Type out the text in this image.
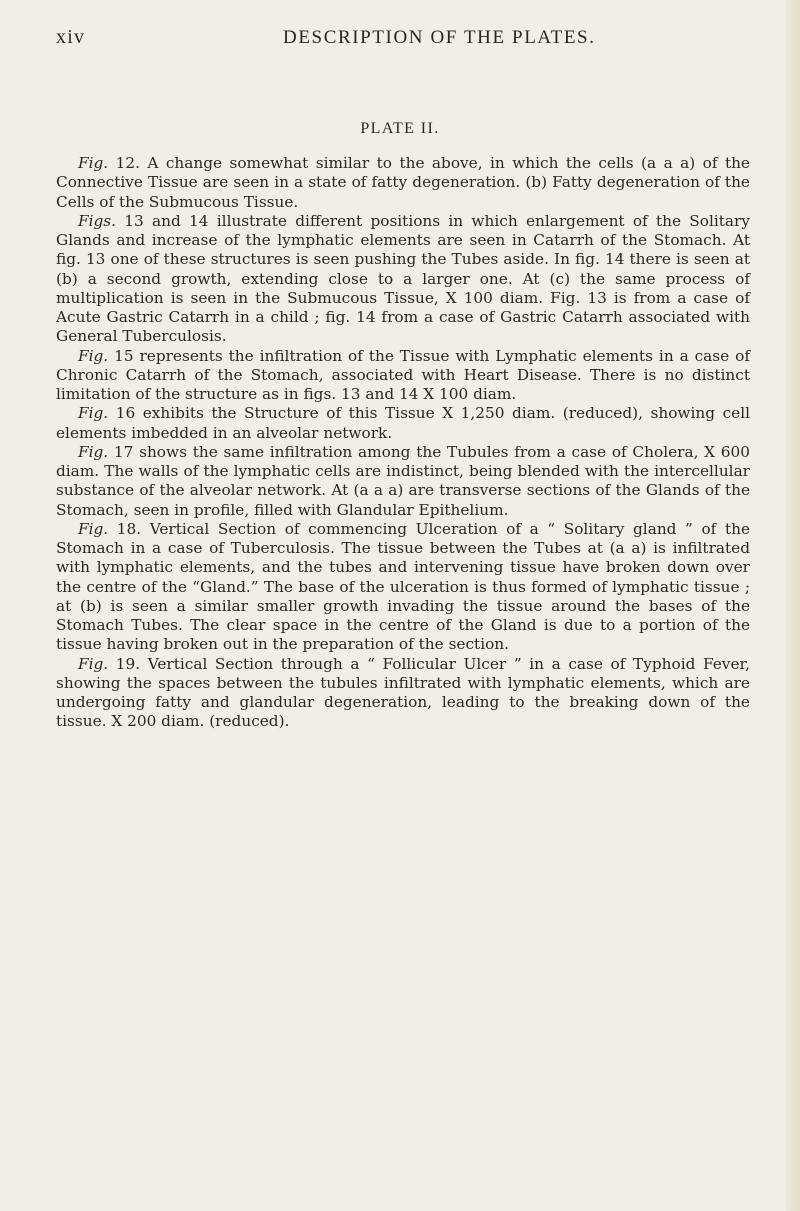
xiv	DESCRIPTION OF THE PLATES.
PLATE II.

Fig. 12. A change somewhat similar to the above, in which the cells (a a a) of the Connective Tissue are seen in a state of fatty degeneration. (b) Fatty degeneration of the Cells of the Submucous Tissue.

Figs. 13 and 14 illustrate different positions in which enlargement of the Solitary Glands and increase of the lymphatic elements are seen in Catarrh of the Stomach. At fig. 13 one of these structures is seen pushing the Tubes aside. In fig. 14 there is seen at (b) a second growth, extending close to a larger one. At (c) the same process of multiplication is seen in the Submucous Tissue, X 100 diam. Fig. 13 is from a case of Acute Gastric Catarrh in a child ; fig. 14 from a case of Gastric Catarrh associated with General Tuberculosis.

Fig. 15 represents the infiltration of the Tissue with Lymphatic elements in a case of Chronic Catarrh of the Stomach, associated with Heart Disease. There is no distinct limitation of the structure as in figs. 13 and 14 X 100 diam.

Fig. 16 exhibits the Structure of this Tissue X 1,250 diam. (reduced), showing cell elements imbedded in an alveolar network.

Fig. 17 shows the same infiltration among the Tubules from a case of Cholera, X 600 diam. The walls of the lymphatic cells are indistinct, being blended with the intercellular substance of the alveolar network. At (a a a) are transverse sections of the Glands of the Stomach, seen in profile, filled with Glandular Epithelium.

Fig. 18. Vertical Section of commencing Ulceration of a “ Solitary gland ” of the Stomach in a case of Tuberculosis. The tissue between the Tubes at (a a) is infiltrated with lymphatic elements, and the tubes and intervening tissue have broken down over the centre of the “Gland.” The base of the ulceration is thus formed of lymphatic tissue ; at (b) is seen a similar smaller growth invading the tissue around the bases of the Stomach Tubes. The clear space in the centre of the Gland is due to a portion of the tissue having broken out in the preparation of the section.

Fig. 19. Vertical Section through a “ Follicular Ulcer ” in a case of Typhoid Fever, showing the spaces between the tubules infiltrated with lymphatic elements, which are undergoing fatty and glandular degeneration, leading to the breaking down of the tissue. X 200 diam. (reduced).
